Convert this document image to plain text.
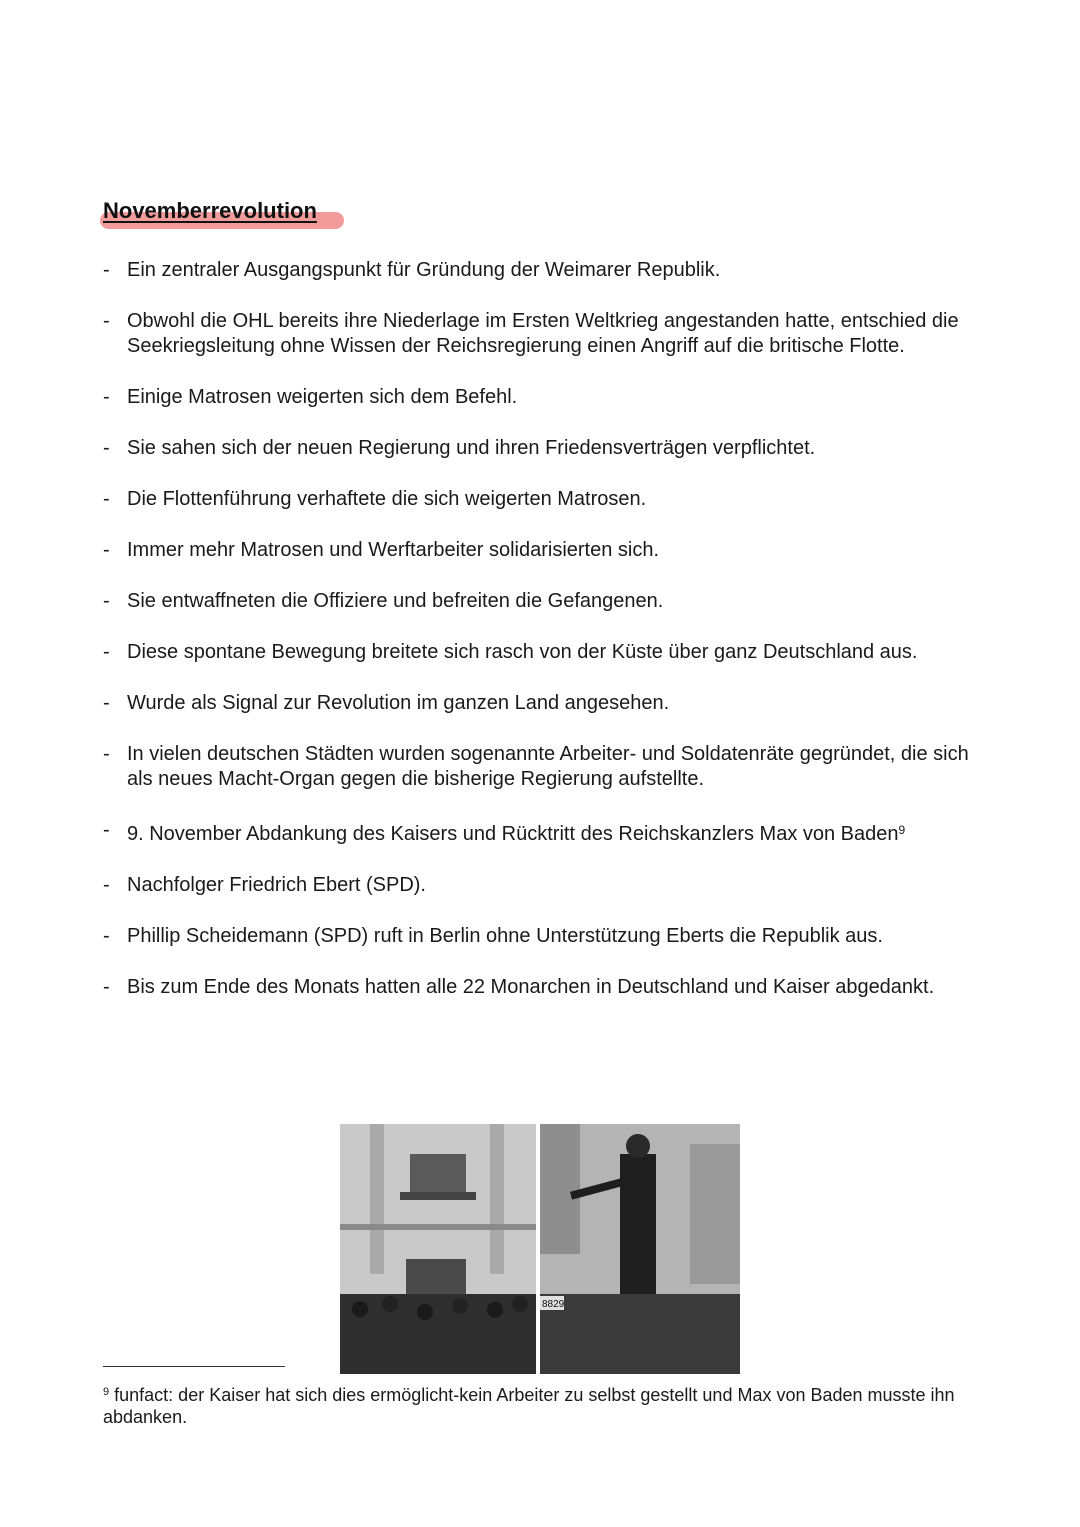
Novemberrevolution
- Ein zentraler Ausgangspunkt für Gründung der Weimarer Republik.
- Obwohl die OHL bereits ihre Niederlage im Ersten Weltkrieg angestanden hatte, entschied die Seekriegsleitung ohne Wissen der Reichsregierung einen Angriff auf die britische Flotte.
- Einige Matrosen weigerten sich dem Befehl.
- Sie sahen sich der neuen Regierung und ihren Friedensverträgen verpflichtet.
- Die Flottenführung verhaftete die sich weigerten Matrosen.
- Immer mehr Matrosen und Werftarbeiter solidarisierten sich.
- Sie entwaffneten die Offiziere und befreiten die Gefangenen.
- Diese spontane Bewegung breitete sich rasch von der Küste über ganz Deutschland aus.
- Wurde als Signal zur Revolution im ganzen Land angesehen.
- In vielen deutschen Städten wurden sogenannte Arbeiter- und Soldatenräte gegründet, die sich als neues Macht-Organ gegen die bisherige Regierung aufstellte.
- 9. November Abdankung des Kaisers und Rücktritt des Reichskanzlers Max von Baden$^9$
- Nachfolger Friedrich Ebert (SPD).
- Phillip Scheidemann (SPD) ruft in Berlin ohne Unterstützung Eberts die Republik aus.
- Bis zum Ende des Monats hatten alle 22 Monarchen in Deutschland und Kaiser abgedankt.
8829
$^9$ funfact: der Kaiser hat sich dies ermöglicht-kein Arbeiter zu selbst gestellt und Max von Baden musste ihn abdanken.
